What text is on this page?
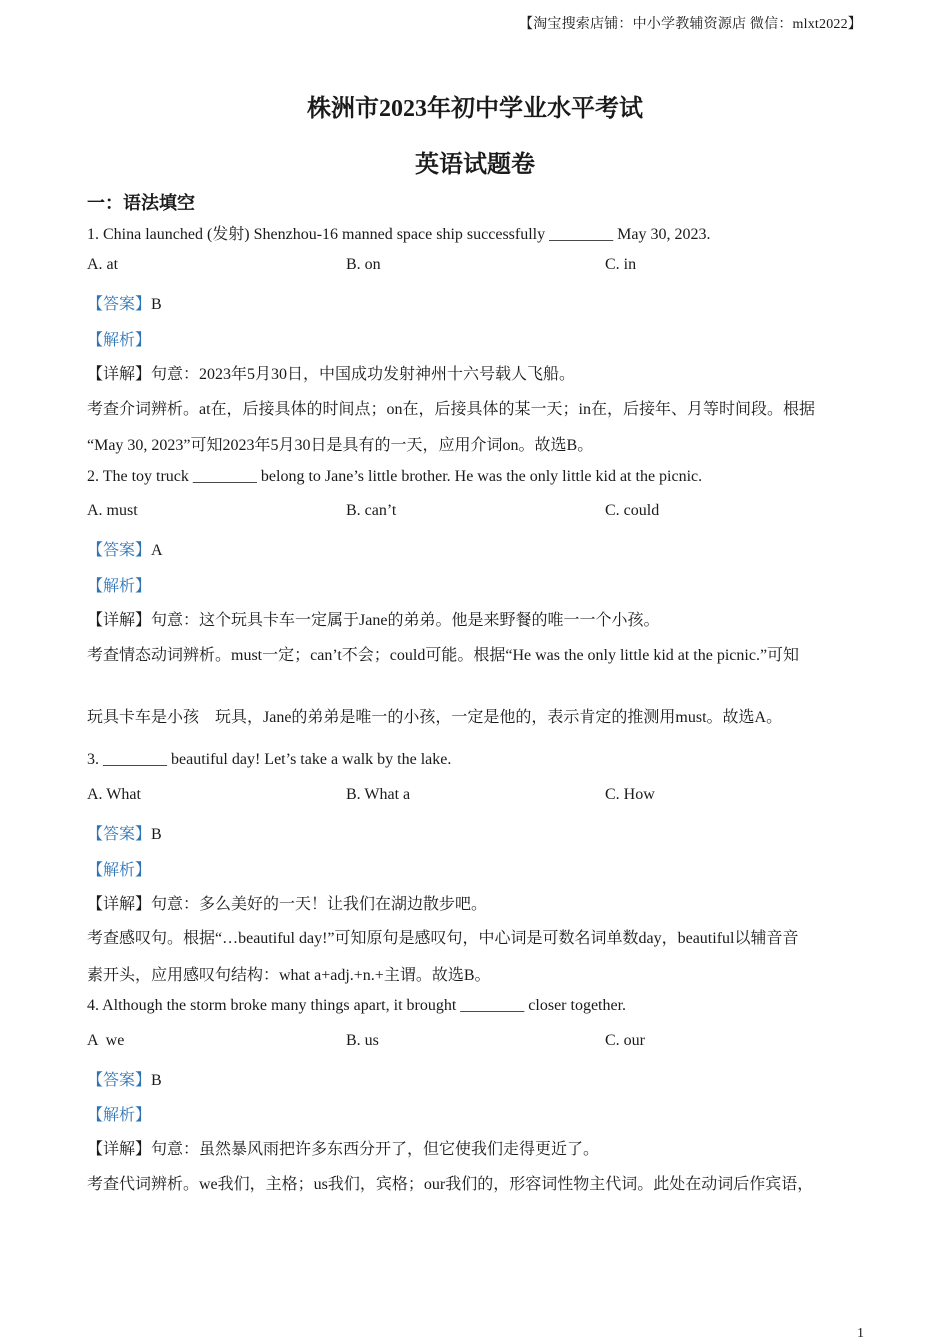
【淘宝搜索店铺：中小学教辅资源店 微信：mlxt2022】
株洲市2023年初中学业水平考试
英语试题卷
一：语法填空
1. China launched (发射) Shenzhou-16 manned space ship successfully ________ May 30, 2023.
A. at	B. on	C. in
【答案】B
【解析】
【详解】句意：2023年5月30日，中国成功发射神州十六号载人飞船。
考查介词辨析。at在，后接具体的时间点；on在，后接具体的某一天；in在，后接年、月等时间段。根据
“May 30, 2023”可知2023年5月30日是具有的一天，应用介词on。故选B。
2. The toy truck ________ belong to Jane’s little brother. He was the only little kid at the picnic.
A. must	B. can’t	C. could
【答案】A
【解析】
【详解】句意：这个玩具卡车一定属于Jane的弟弟。他是来野餐的唯一一个小孩。
考查情态动词辨析。must一定；can’t不会；could可能。根据“He was the only little kid at the picnic.”可知
玩具卡车是小孩    玩具，Jane的弟弟是唯一的小孩，一定是他的，表示肯定的推测用must。故选A。
3. ________ beautiful day! Let’s take a walk by the lake.
A. What	B. What a	C. How
【答案】B
【解析】
【详解】句意：多么美好的一天！让我们在湖边散步吧。
考查感叹句。根据“…beautiful day!”可知原句是感叹句，中心词是可数名词单数day，beautiful以辅音音
素开头，应用感叹句结构：what a+adj.+n.+主谓。故选B。
4. Although the storm broke many things apart, it brought ________ closer together.
A  we	B. us	C. our
【答案】B
【解析】
【详解】句意：虽然暴风雨把许多东西分开了，但它使我们走得更近了。
考查代词辨析。we我们，主格；us我们，宾格；our我们的，形容词性物主代词。此处在动词后作宾语，
1
